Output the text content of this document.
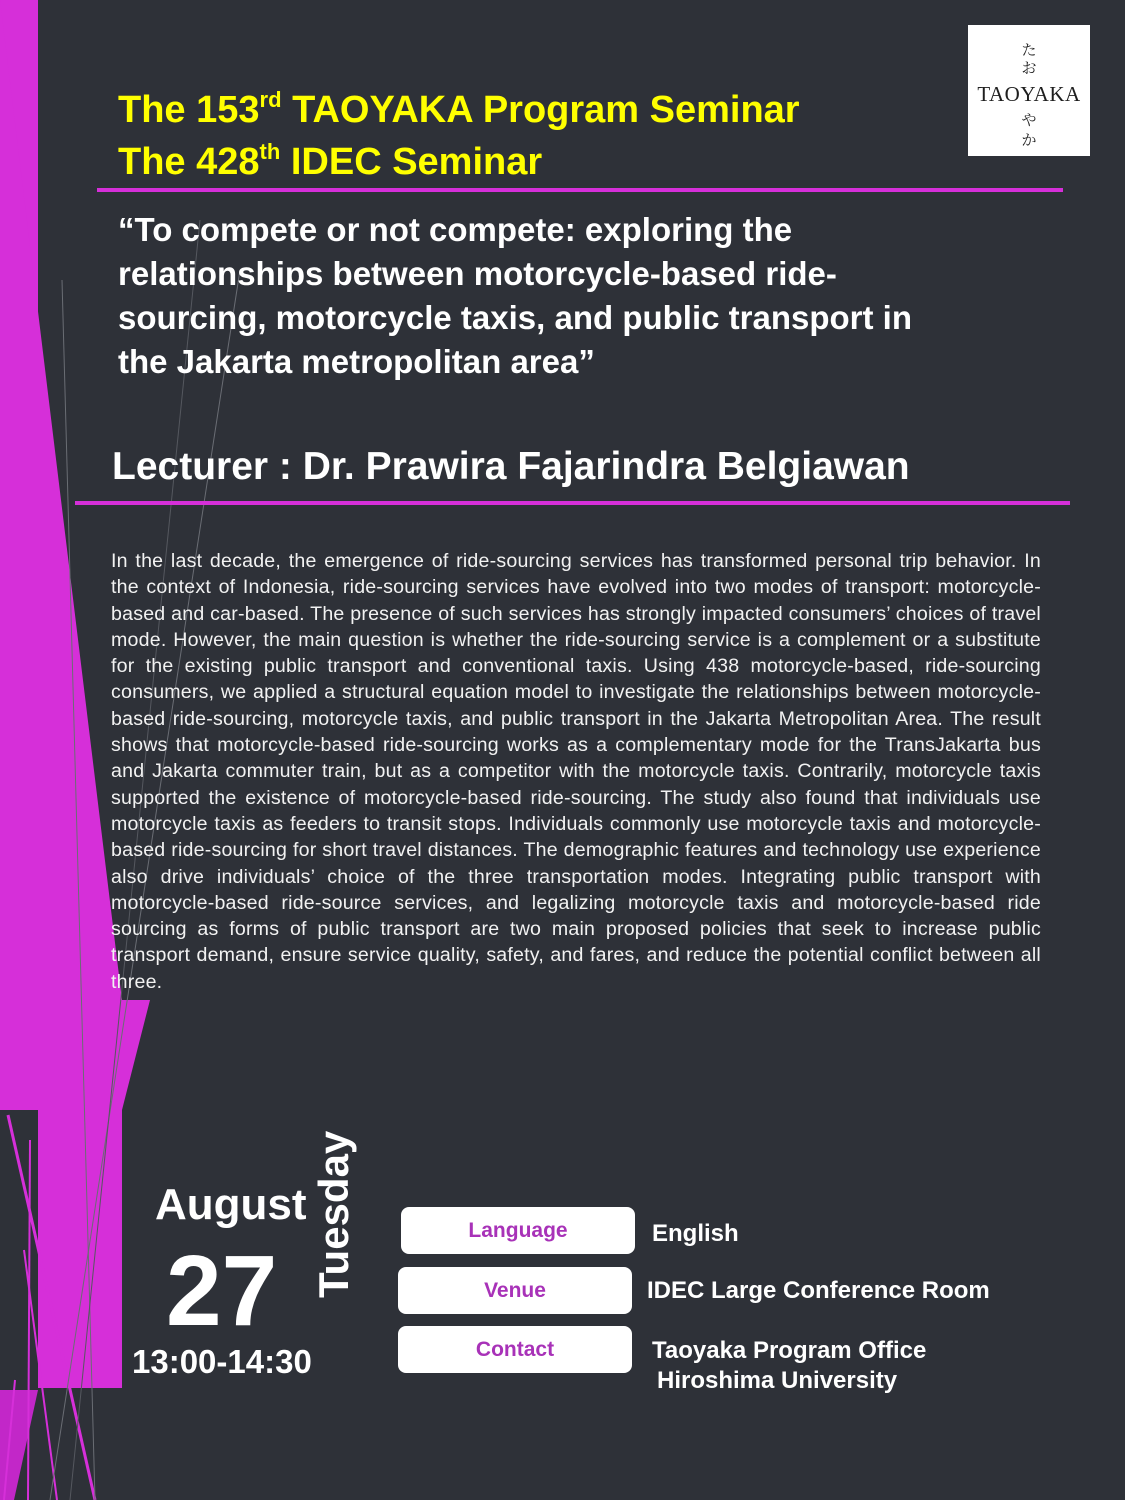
た
お
TAOYAKA
や
か
The 153rd TAOYAKA Program Seminar
The 428th IDEC Seminar

“To compete or not compete: exploring the
relationships between motorcycle-based ride-
sourcing, motorcycle taxis, and public transport in
the Jakarta metropolitan area”

Lecturer : Dr. Prawira Fajarindra Belgiawan

In the last decade, the emergence of ride-sourcing services has transformed personal trip behavior. In the context of Indonesia, ride-sourcing services have evolved into two modes of transport: motorcycle-based and car-based. The presence of such services has strongly impacted consumers’ choices of travel mode. However, the main question is whether the ride-sourcing service is a complement or a substitute for the existing public transport and conventional taxis. Using 438 motorcycle-based, ride-sourcing consumers, we applied a structural equation model to investigate the relationships between motorcycle-based ride-sourcing, motorcycle taxis, and public transport in the Jakarta Metropolitan Area. The result shows that motorcycle-based ride-sourcing works as a complementary mode for the TransJakarta bus and Jakarta commuter train, but as a competitor with the motorcycle taxis. Contrarily, motorcycle taxis supported the existence of motorcycle-based ride-sourcing. The study also found that individuals use motorcycle taxis as feeders to transit stops. Individuals commonly use motorcycle taxis and motorcycle-based ride-sourcing for short travel distances. The demographic features and technology use experience also drive individuals’ choice of the three transportation modes. Integrating public transport with motorcycle-based ride-source services, and legalizing motorcycle taxis and motorcycle-based ride sourcing as forms of public transport are two main proposed policies that seek to increase public transport demand, ensure service quality, safety, and fares, and reduce the potential conflict between all three.

August
27 Tuesday
13:00-14:30
Language	English
Venue	IDEC Large Conference Room
Contact	Taoyaka Program Office
Hiroshima University
